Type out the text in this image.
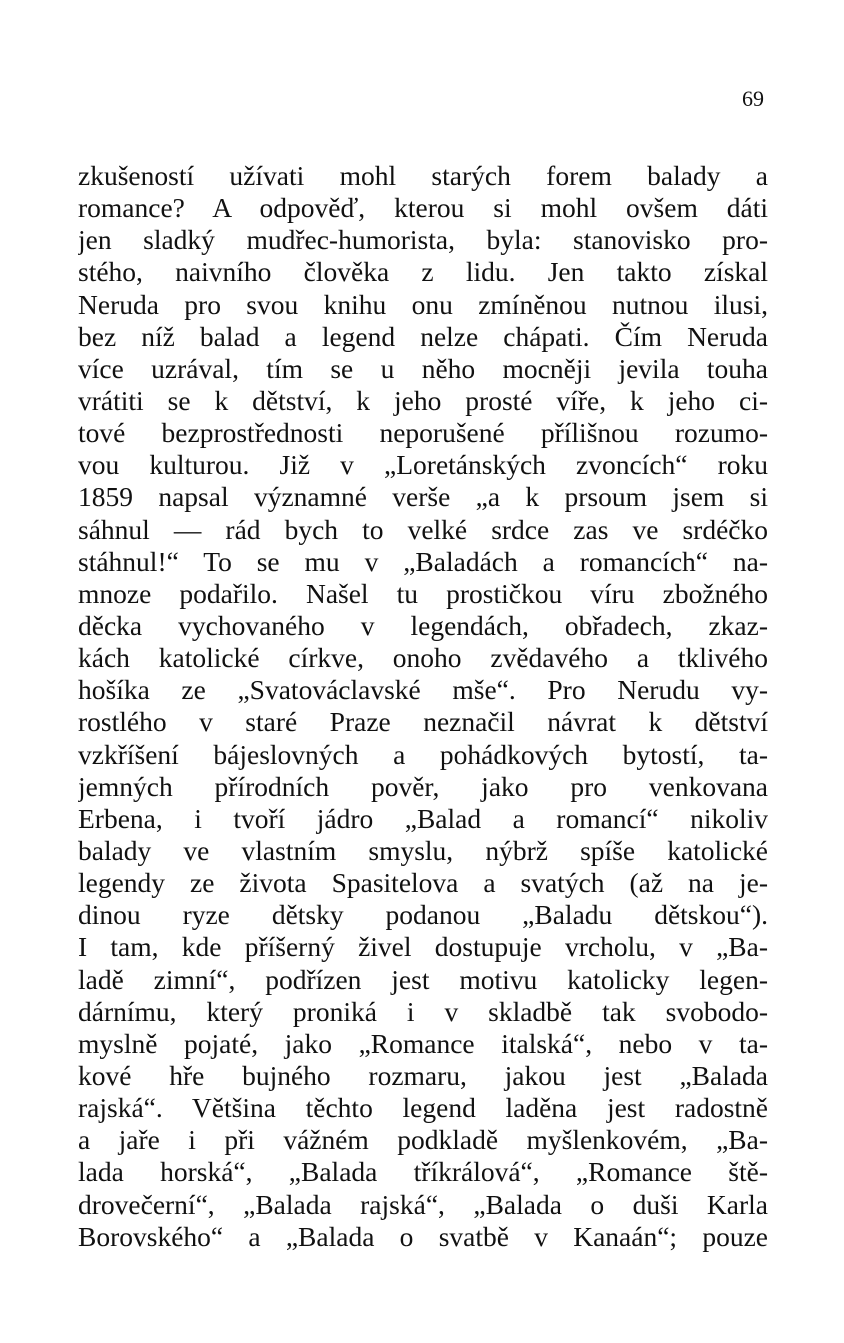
69
zkušeností užívati mohl starých forem balady a
romance? A odpověď, kterou si mohl ovšem dáti
jen sladký mudřec-humorista, byla: stanovisko pro-
stého, naivního člověka z lidu. Jen takto získal
Neruda pro svou knihu onu zmíněnou nutnou ilusi,
bez níž balad a legend nelze chápati. Čím Neruda
více uzrával, tím se u něho mocněji jevila touha
vrátiti se k dětství, k jeho prosté víře, k jeho ci-
tové bezprostřednosti neporušené přílišnou rozumo-
vou kulturou. Již v „Loretánských zvoncích“ roku
1859 napsal významné verše „a k prsoum jsem si
sáhnul — rád bych to velké srdce zas ve srdéčko
stáhnul!“ To se mu v „Baladách a romancích“ na-
mnoze podařilo. Našel tu prostičkou víru zbožného
děcka vychovaného v legendách, obřadech, zkaz-
kách katolické církve, onoho zvědavého a tklivého
hošíka ze „Svatováclavské mše“. Pro Nerudu vy-
rostlého v staré Praze neznačil návrat k dětství
vzkříšení bájeslovných a pohádkových bytostí, ta-
jemných přírodních pověr, jako pro venkovana
Erbena, i tvoří jádro „Balad a romancí“ nikoliv
balady ve vlastním smyslu, nýbrž spíše katolické
legendy ze života Spasitelova a svatých (až na je-
dinou ryze dětsky podanou „Baladu dětskou“).
I tam, kde příšerný živel dostupuje vrcholu, v „Ba-
ladě zimní“, podřízen jest motivu katolicky legen-
dárnímu, který proniká i v skladbě tak svobodo-
myslně pojaté, jako „Romance italská“, nebo v ta-
kové hře bujného rozmaru, jakou jest „Balada
rajská“. Většina těchto legend laděna jest radostně
a jaře i při vážném podkladě myšlenkovém, „Ba-
lada horská“, „Balada tříkrálová“, „Romance ště-
drovečerní“, „Balada rajská“, „Balada o duši Karla
Borovského“ a „Balada o svatbě v Kanaán“; pouze
